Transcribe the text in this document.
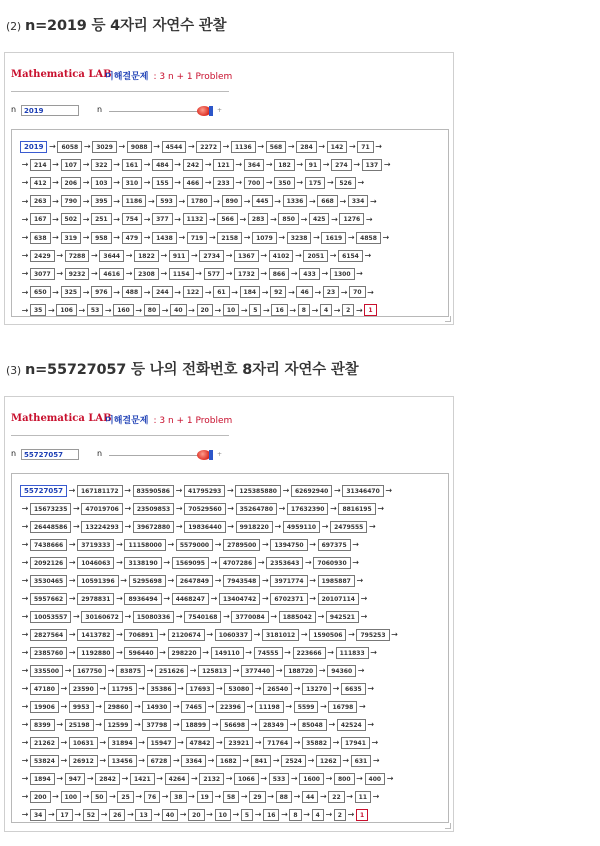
(2) n=2019 등 4자리 자연수 관찰
Mathematica LAB
미해결문제 : 3 n + 1 Problem
n	2019	n	+
2019 → 6058 → 3029 → 9088 → 4544 → 2272 → 1136 → 568 → 284 → 142 → 71 →
→ 214 → 107 → 322 → 161 → 484 → 242 → 121 → 364 → 182 → 91 → 274 → 137 →
→ 412 → 206 → 103 → 310 → 155 → 466 → 233 → 700 → 350 → 175 → 526 →
→ 263 → 790 → 395 → 1186 → 593 → 1780 → 890 → 445 → 1336 → 668 → 334 →
→ 167 → 502 → 251 → 754 → 377 → 1132 → 566 → 283 → 850 → 425 → 1276 →
→ 638 → 319 → 958 → 479 → 1438 → 719 → 2158 → 1079 → 3238 → 1619 → 4858 →
→ 2429 → 7288 → 3644 → 1822 → 911 → 2734 → 1367 → 4102 → 2051 → 6154 →
→ 3077 → 9232 → 4616 → 2308 → 1154 → 577 → 1732 → 866 → 433 → 1300 →
→ 650 → 325 → 976 → 488 → 244 → 122 → 61 → 184 → 92 → 46 → 23 → 70 →
→ 35 → 106 → 53 → 160 → 80 → 40 → 20 → 10 → 5 → 16 → 8 → 4 → 2 → 1
(3) n=55727057 등 나의 전화번호 8자리 자연수 관찰
Mathematica LAB
미해결문제 : 3 n + 1 Problem
n	55727057	n	+
55727057 → 167181172 → 83590586 → 41795293 → 125385880 → 62692940 → 31346470 →
→ 15673235 → 47019706 → 23509853 → 70529560 → 35264780 → 17632390 → 8816195 →
→ 26448586 → 13224293 → 39672880 → 19836440 → 9918220 → 4959110 → 2479555 →
→ 7438666 → 3719333 → 11158000 → 5579000 → 2789500 → 1394750 → 697375 →
→ 2092126 → 1046063 → 3138190 → 1569095 → 4707286 → 2353643 → 7060930 →
→ 3530465 → 10591396 → 5295698 → 2647849 → 7943548 → 3971774 → 1985887 →
→ 5957662 → 2978831 → 8936494 → 4468247 → 13404742 → 6702371 → 20107114 →
→ 10053557 → 30160672 → 15080336 → 7540168 → 3770084 → 1885042 → 942521 →
→ 2827564 → 1413782 → 706891 → 2120674 → 1060337 → 3181012 → 1590506 → 795253 →
→ 2385760 → 1192880 → 596440 → 298220 → 149110 → 74555 → 223666 → 111833 →
→ 335500 → 167750 → 83875 → 251626 → 125813 → 377440 → 188720 → 94360 →
→ 47180 → 23590 → 11795 → 35386 → 17693 → 53080 → 26540 → 13270 → 6635 →
→ 19906 → 9953 → 29860 → 14930 → 7465 → 22396 → 11198 → 5599 → 16798 →
→ 8399 → 25198 → 12599 → 37798 → 18899 → 56698 → 28349 → 85048 → 42524 →
→ 21262 → 10631 → 31894 → 15947 → 47842 → 23921 → 71764 → 35882 → 17941 →
→ 53824 → 26912 → 13456 → 6728 → 3364 → 1682 → 841 → 2524 → 1262 → 631 →
→ 1894 → 947 → 2842 → 1421 → 4264 → 2132 → 1066 → 533 → 1600 → 800 → 400 →
→ 200 → 100 → 50 → 25 → 76 → 38 → 19 → 58 → 29 → 88 → 44 → 22 → 11 →
→ 34 → 17 → 52 → 26 → 13 → 40 → 20 → 10 → 5 → 16 → 8 → 4 → 2 → 1
